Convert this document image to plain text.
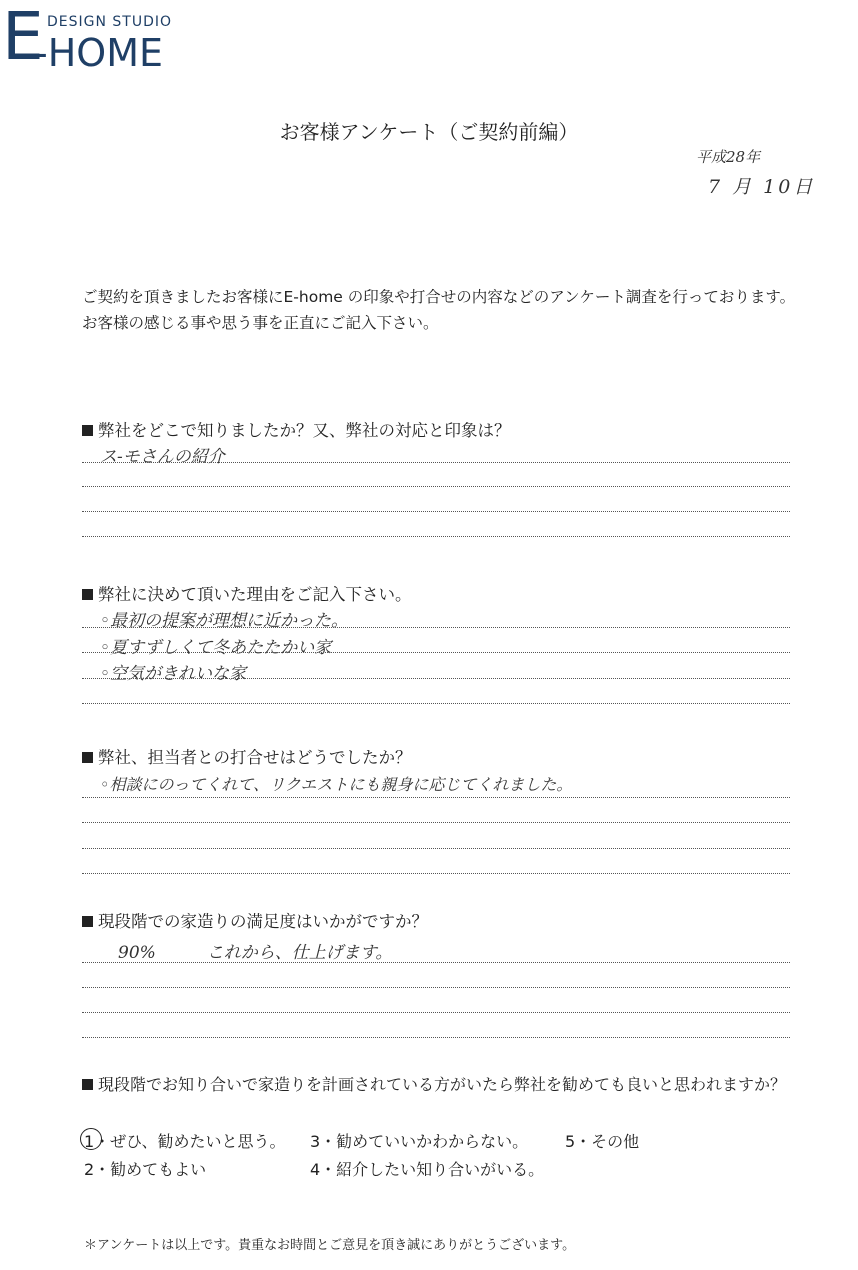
E DESIGN STUDIO
-HOME
お客様アンケート（ご契約前編）
平成28年
7 月 10日
ご契約を頂きましたお客様にE-home の印象や打合せの内容などのアンケート調査を行っております。
お客様の感じる事や思う事を正直にご記入下さい。
弊社をどこで知りましたか？又、弊社の対応と印象は？
ス-モさんの紹介
弊社に決めて頂いた理由をご記入下さい。
◦最初の提案が理想に近かった。
◦夏すずしくて冬あたたかい家
◦空気がきれいな家
弊社、担当者との打合せはどうでしたか？
◦相談にのってくれて、リクエストにも親身に応じてくれました。
現段階での家造りの満足度はいかがですか？
90%　　　これから、仕上げます。
現段階でお知り合いで家造りを計画されている方がいたら弊社を勧めても良いと思われますか？
1・ぜひ、勧めたいと思う。
2・勧めてもよい
3・勧めていいかわからない。
4・紹介したい知り合いがいる。
5・その他
＊アンケートは以上です。貴重なお時間とご意見を頂き誠にありがとうございます。
